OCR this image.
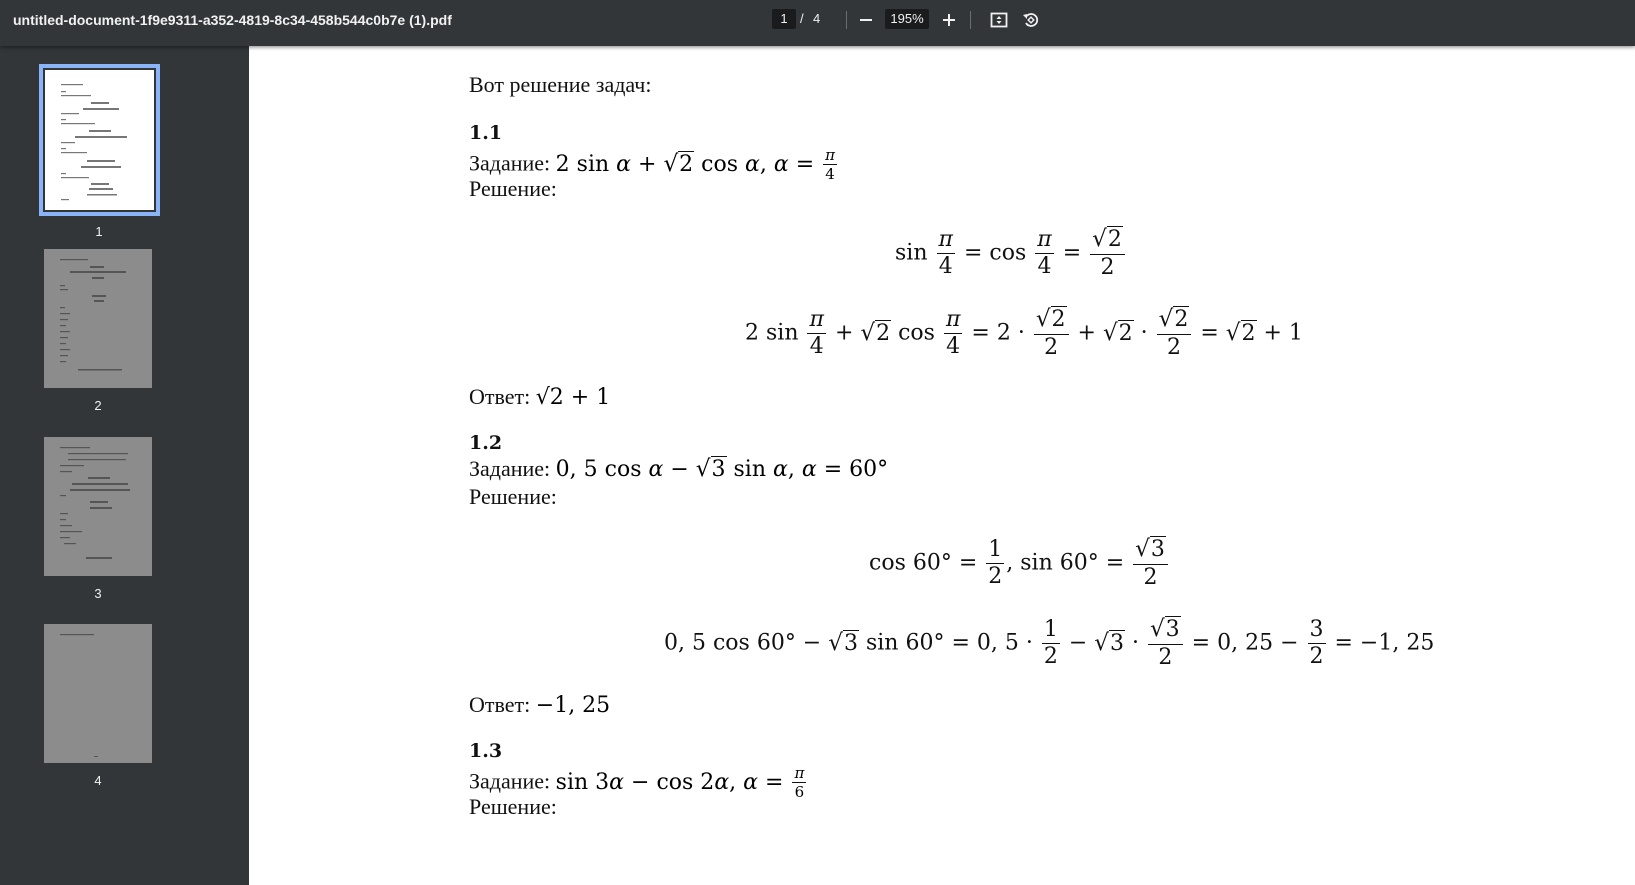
untitled-document-1f9e9311-a352-4819-8c34-458b544c0b7e (1).pdf	1 / 4	195%
1
2
3
4
Вот решение задач:
1.1
Задание: 2 sin α + √2 cos α, $\alpha = \frac{\pi}{4}$
Решение:
$\sin \frac{\pi}{4} = \cos \frac{\pi}{4} = \frac{√2}{2}$
2 $\sin \frac{\pi}{4} + √2$ $\cos \frac{\pi}{4} = 2 \cdot \frac{√2}{2} + √2 \cdot \frac{√2}{2} = √2 + 1$
Ответ: √2 + 1
1.2
Задание: 0, 5 cos α − √3 sin α, α = 60°
Решение:
$\cos 60^\circ = \frac{1}{2}$ , $\sin 60^\circ = \frac{√3}{2}$
0, 5 cos 60° − √3 sin 60° = 0, $5 \cdot \frac{1}{2} - √3 \cdot \frac{√3}{2} = 0$, $25 - \frac{3}{2} = -1$, 25
Ответ: −1, 25
1.3
Задание: sin 3α − cos 2α, $\alpha = \frac{\pi}{6}$
Решение:
